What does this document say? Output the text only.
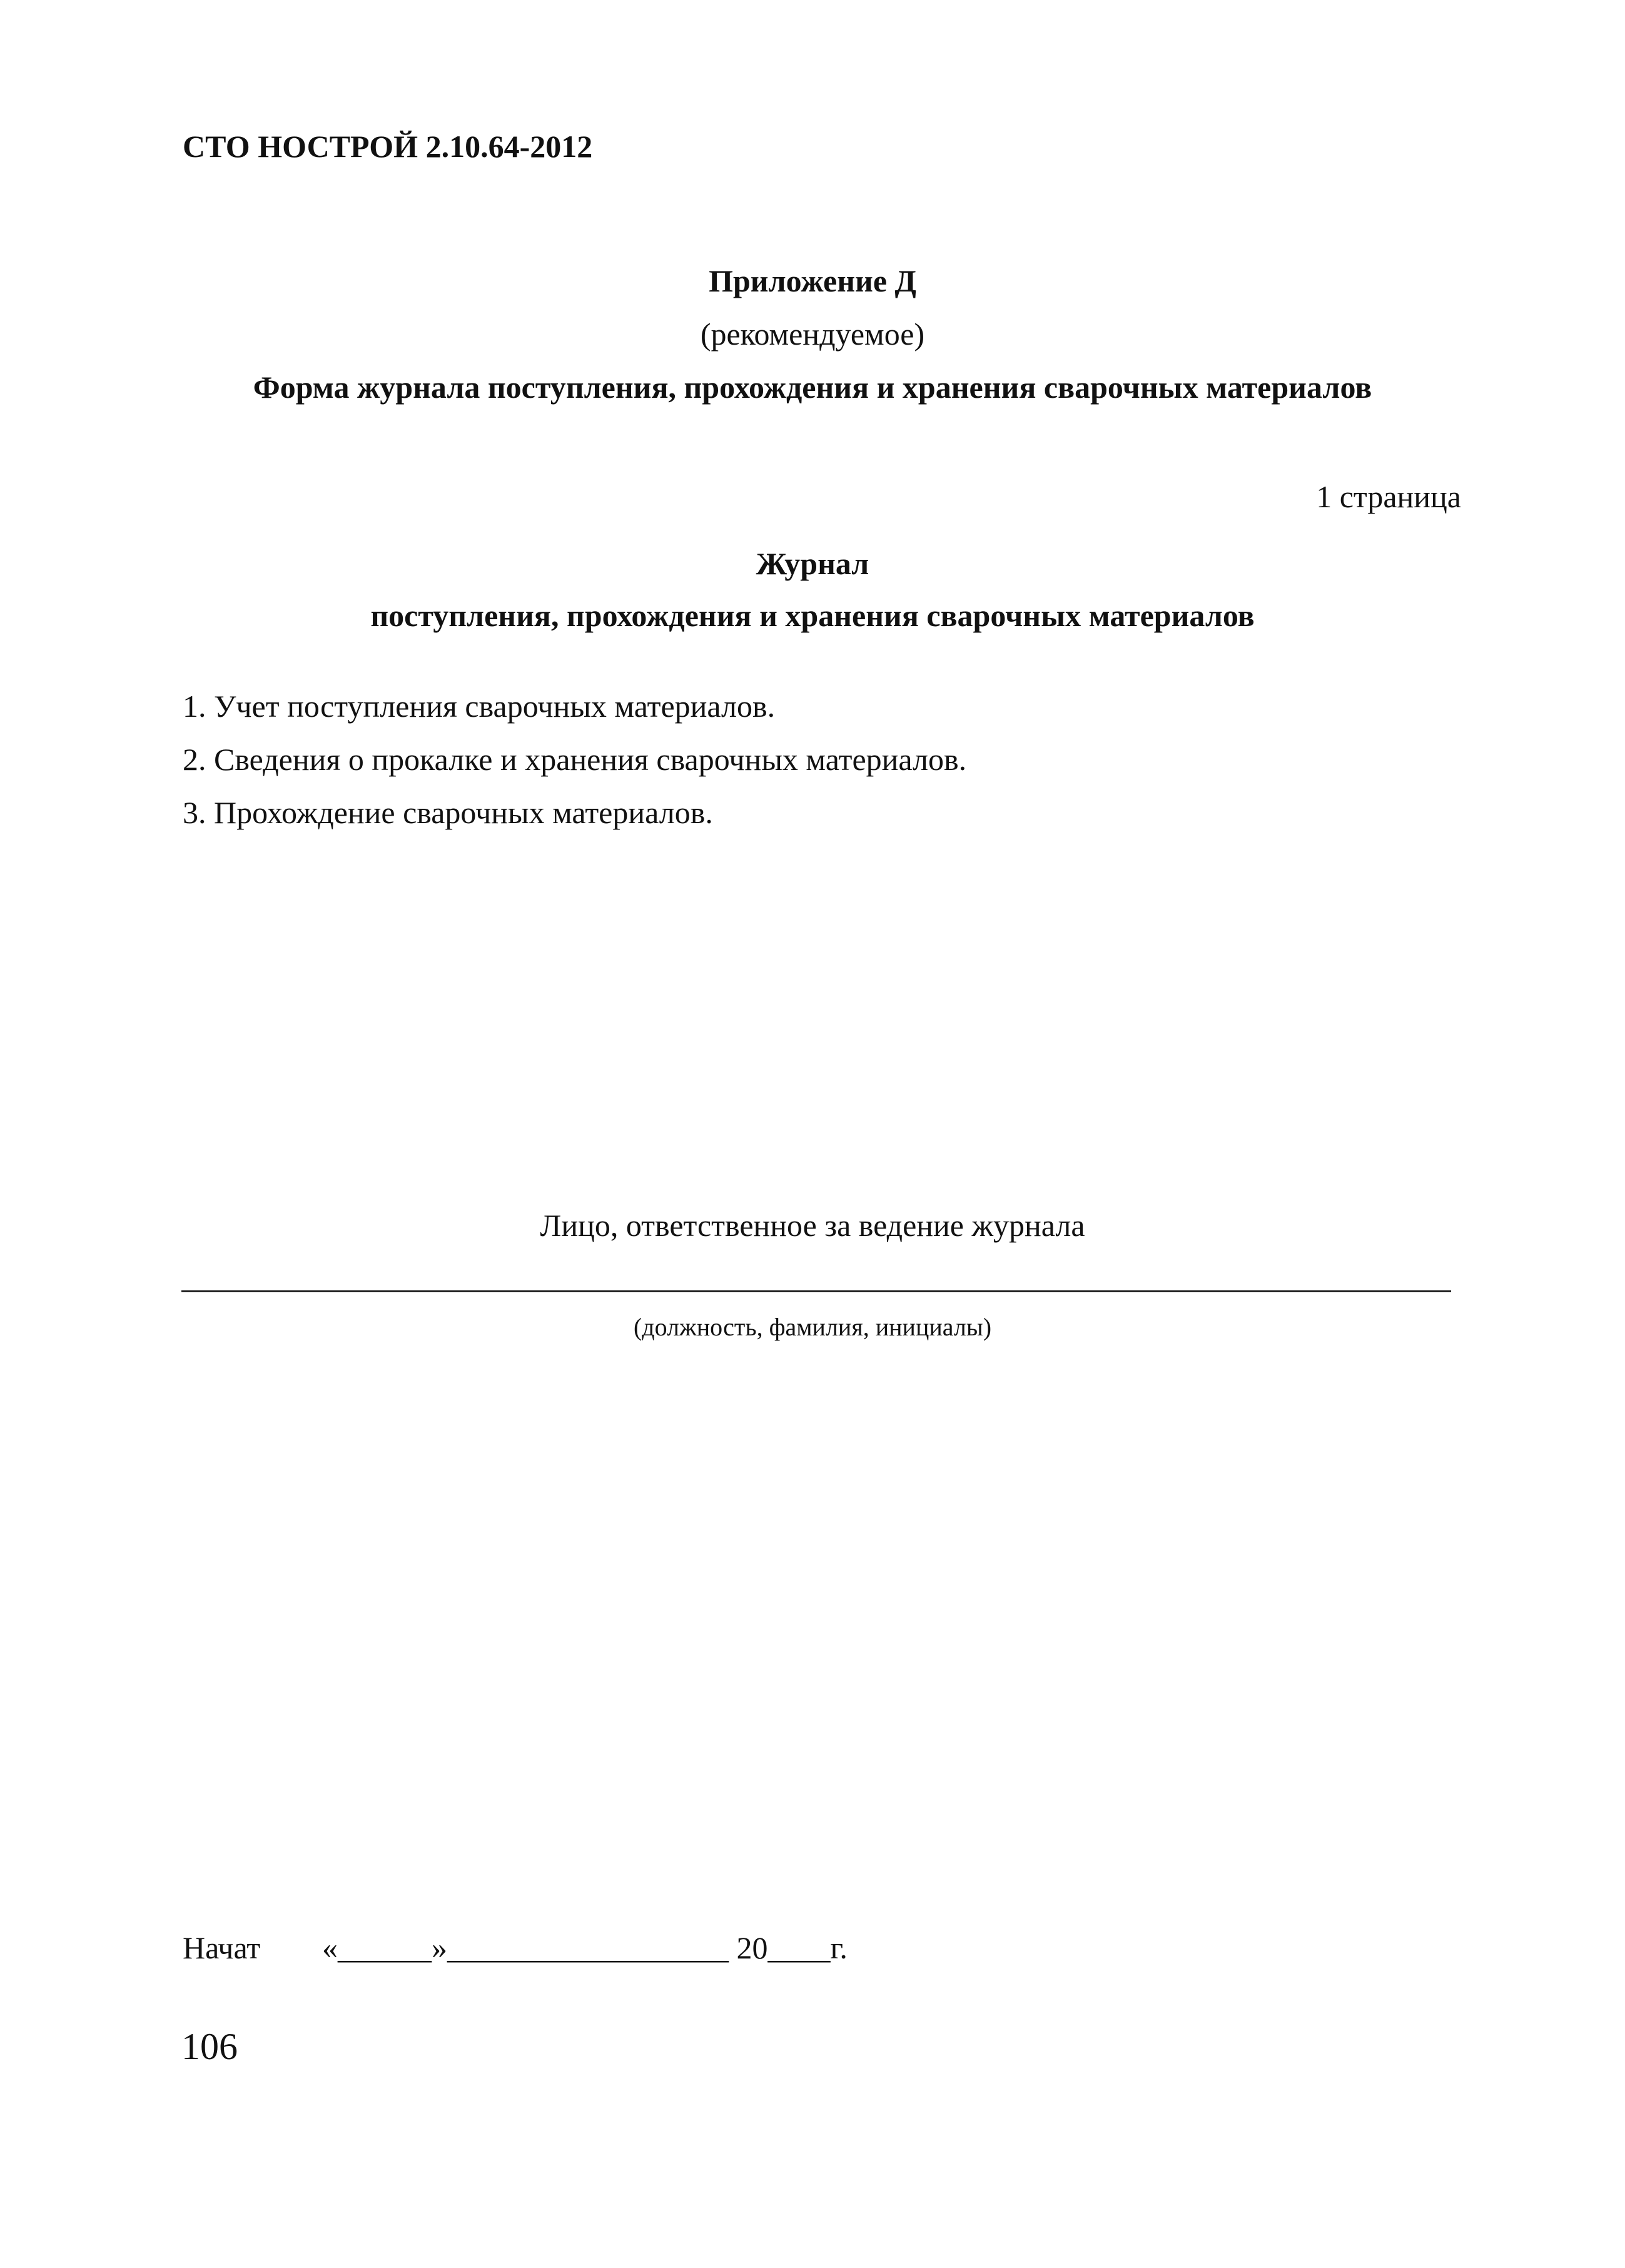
СТО НОСТРОЙ 2.10.64-2012
Приложение Д
(рекомендуемое)
Форма журнала поступления, прохождения и хранения сварочных материалов
1 страница
Журнал
поступления, прохождения и хранения сварочных материалов
1. Учет поступления сварочных материалов.
2. Сведения о прокалке и хранения сварочных материалов.
3. Прохождение сварочных материалов.
Лицо, ответственное за ведение журнала
(должность, фамилия, инициалы)
Начат «______»__________________ 20____г.
106
